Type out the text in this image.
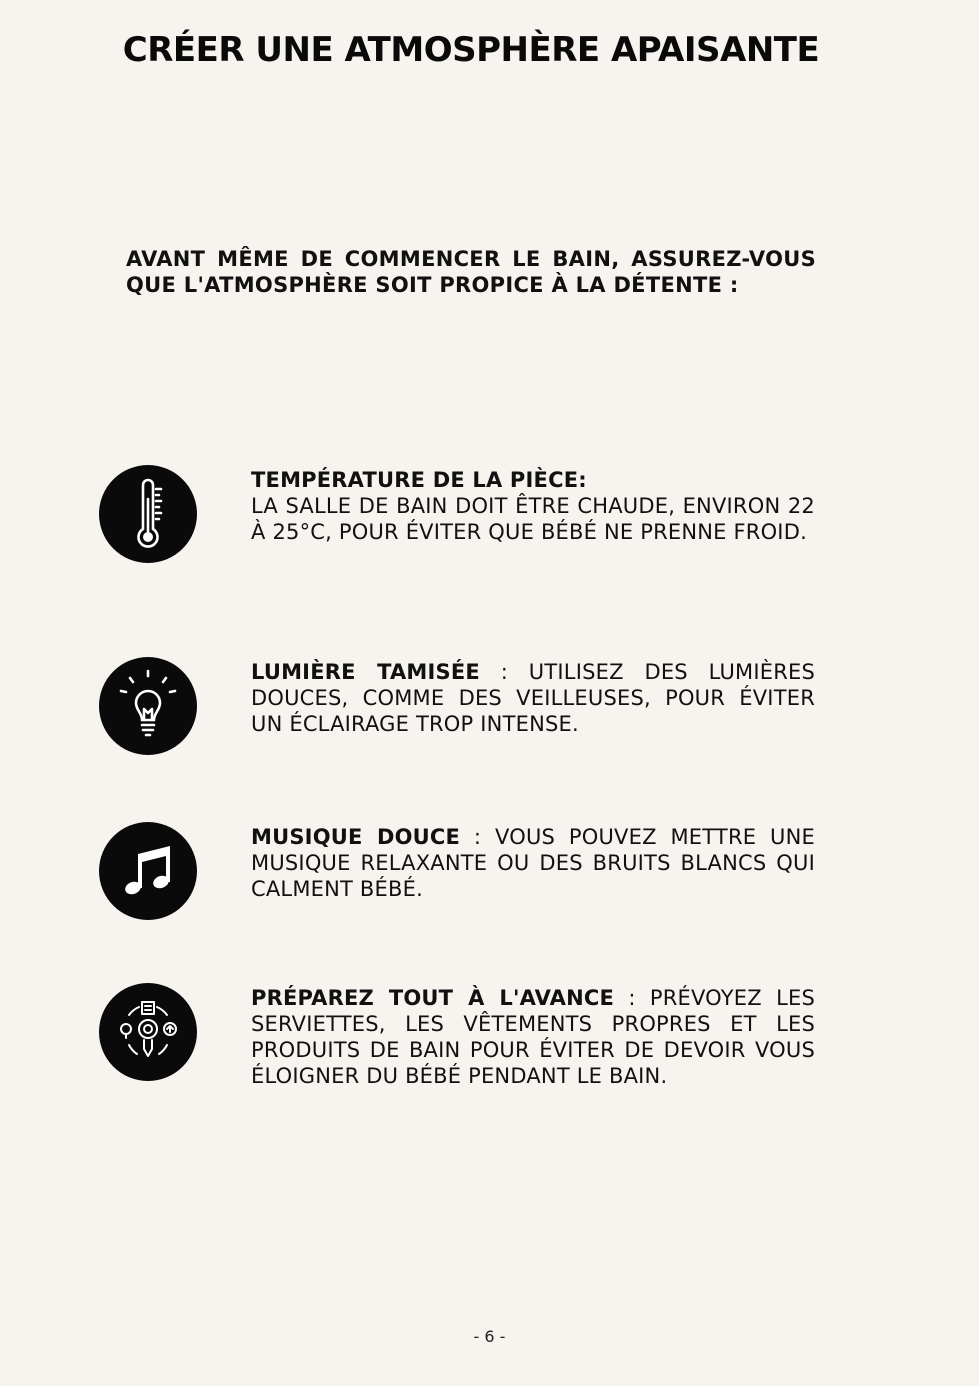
CRÉER UNE ATMOSPHÈRE APAISANTE

AVANT MÊME DE COMMENCER LE BAIN, ASSUREZ-VOUS
QUE L'ATMOSPHÈRE SOIT PROPICE À LA DÉTENTE :

TEMPÉRATURE DE LA PIÈCE:
LA SALLE DE BAIN DOIT ÊTRE CHAUDE, ENVIRON 22 À 25°C, POUR ÉVITER QUE BÉBÉ NE PRENNE FROID.

LUMIÈRE TAMISÉE : UTILISEZ DES LUMIÈRES DOUCES, COMME DES VEILLEUSES, POUR ÉVITER UN ÉCLAIRAGE TROP INTENSE.

MUSIQUE DOUCE : VOUS POUVEZ METTRE UNE MUSIQUE RELAXANTE OU DES BRUITS BLANCS QUI CALMENT BÉBÉ.

PRÉPAREZ TOUT À L'AVANCE : PRÉVOYEZ LES SERVIETTES, LES VÊTEMENTS PROPRES ET LES PRODUITS DE BAIN POUR ÉVITER DE DEVOIR VOUS ÉLOIGNER DU BÉBÉ PENDANT LE BAIN.

- 6 -
